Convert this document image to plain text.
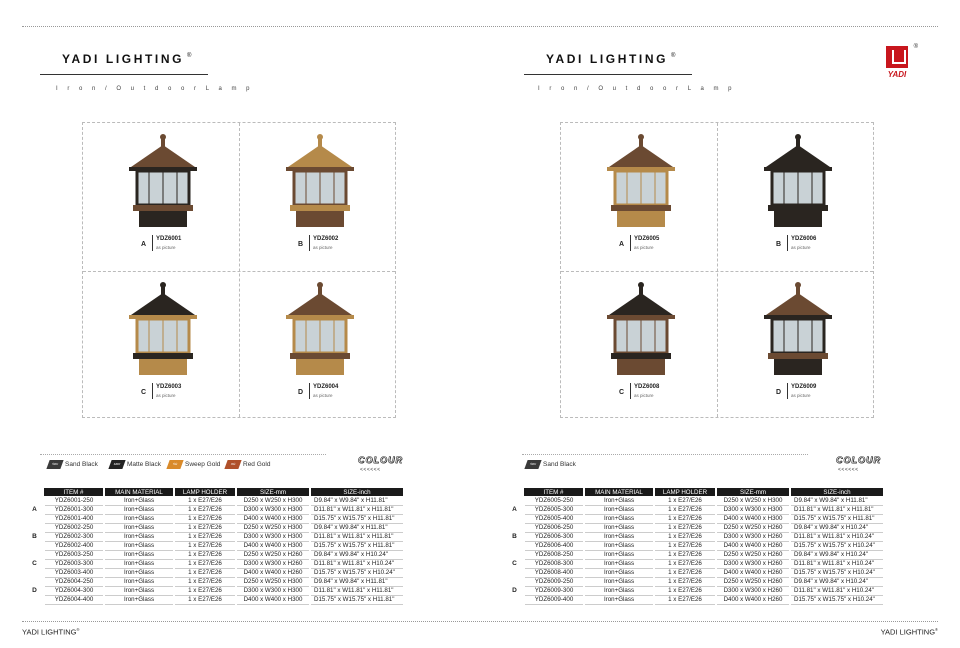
YADI LIGHTING ®
I r o n / O u t d o o r L a m p
A
YDZ6001
as picture	B
YDZ6002
as picture
C
YDZ6003
as picture	D
YDZ6004
as picture
SBK Sand Black	MBK Matte Black	SG	Sweep Gold	RG	Red Gold	COLOUR
<<<<<<
	ITEM #	MAIN MATERIAL	LAMP HOLDER	SIZE-mm	SIZE-inch
	YDZ6001-250	Iron+Glass	1 x E27/E26	D250 x W250 x H300	D9.84" x W9.84" x H11.81"
A	YDZ6001-300	Iron+Glass	1 x E27/E26	D300 x W300 x H300	D11.81" x W11.81" x H11.81"
	YDZ6001-400	Iron+Glass	1 x E27/E26	D400 x W400 x H300	D15.75" x W15.75" x H11.81"
	YDZ6002-250	Iron+Glass	1 x E27/E26	D250 x W250 x H300	D9.84" x W9.84" x H11.81"
B	YDZ6002-300	Iron+Glass	1 x E27/E26	D300 x W300 x H300	D11.81" x W11.81" x H11.81"
	YDZ6002-400	Iron+Glass	1 x E27/E26	D400 x W400 x H300	D15.75" x W15.75" x H11.81"
	YDZ6003-250	Iron+Glass	1 x E27/E26	D250 x W250 x H260	D9.84" x W9.84" x H10.24"
C	YDZ6003-300	Iron+Glass	1 x E27/E26	D300 x W300 x H260	D11.81" x W11.81" x H10.24"
	YDZ6003-400	Iron+Glass	1 x E27/E26	D400 x W400 x H260	D15.75" x W15.75" x H10.24"
	YDZ6004-250	Iron+Glass	1 x E27/E26	D250 x W250 x H300	D9.84" x W9.84" x H11.81"
D	YDZ6004-300	Iron+Glass	1 x E27/E26	D300 x W300 x H300	D11.81" x W11.81" x H11.81"
	YDZ6004-400	Iron+Glass	1 x E27/E26	D400 x W400 x H300	D15.75" x W15.75" x H11.81"
YADI LIGHTING®
YADI LIGHTING ®
I r o n / O u t d o o r L a m p
YADI
®
A
YDZ6005
as picture	B
YDZ6006
as picture
C
YDZ6008
as picture	D
YDZ6009
as picture
SBK Sand Black	COLOUR
<<<<<<
	ITEM #	MAIN MATERIAL	LAMP HOLDER	SIZE-mm	SIZE-inch
	YDZ6005-250	Iron+Glass	1 x E27/E26	D250 x W250 x H300	D9.84" x W9.84" x H11.81"
A	YDZ6005-300	Iron+Glass	1 x E27/E26	D300 x W300 x H300	D11.81" x W11.81" x H11.81"
	YDZ6005-400	Iron+Glass	1 x E27/E26	D400 x W400 x H300	D15.75" x W15.75" x H11.81"
	YDZ6006-250	Iron+Glass	1 x E27/E26	D250 x W250 x H260	D9.84" x W9.84" x H10.24"
B	YDZ6006-300	Iron+Glass	1 x E27/E26	D300 x W300 x H260	D11.81" x W11.81" x H10.24"
	YDZ6006-400	Iron+Glass	1 x E27/E26	D400 x W400 x H260	D15.75" x W15.75" x H10.24"
	YDZ6008-250	Iron+Glass	1 x E27/E26	D250 x W250 x H260	D9.84" x W9.84" x H10.24"
C	YDZ6008-300	Iron+Glass	1 x E27/E26	D300 x W300 x H260	D11.81" x W11.81" x H10.24"
	YDZ6008-400	Iron+Glass	1 x E27/E26	D400 x W400 x H260	D15.75" x W15.75" x H10.24"
	YDZ6009-250	Iron+Glass	1 x E27/E26	D250 x W250 x H260	D9.84" x W9.84" x H10.24"
D	YDZ6009-300	Iron+Glass	1 x E27/E26	D300 x W300 x H260	D11.81" x W11.81" x H10.24"
	YDZ6009-400	Iron+Glass	1 x E27/E26	D400 x W400 x H260	D15.75" x W15.75" x H10.24"
YADI LIGHTING®
